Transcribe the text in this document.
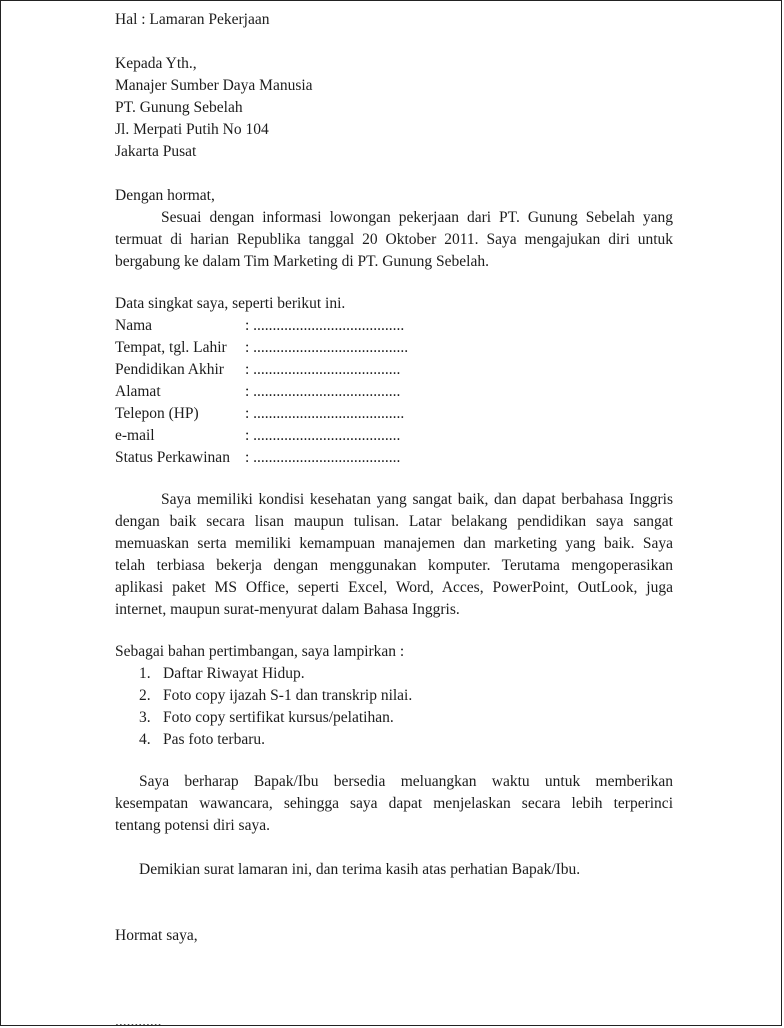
Hal : Lamaran Pekerjaan
Kepada Yth.,
Manajer Sumber Daya Manusia
PT. Gunung Sebelah
Jl. Merpati Putih No 104
Jakarta Pusat
Dengan hormat,
Sesuai dengan informasi lowongan pekerjaan dari PT. Gunung Sebelah yang
termuat di harian Republika tanggal 20 Oktober 2011. Saya mengajukan diri untuk
bergabung ke dalam Tim Marketing di PT. Gunung Sebelah.
Data singkat saya, seperti berikut ini.
Nama	: .......................................
Tempat, tgl. Lahir : ........................................
Pendidikan Akhir : ......................................
Alamat	: ......................................
Telepon (HP)	: .......................................
e-mail	: ......................................
Status Perkawinan : ......................................
Saya memiliki kondisi kesehatan yang sangat baik, dan dapat berbahasa Inggris
dengan baik secara lisan maupun tulisan. Latar belakang pendidikan saya sangat
memuaskan serta memiliki kemampuan manajemen dan marketing yang baik. Saya
telah terbiasa bekerja dengan menggunakan komputer. Terutama mengoperasikan
aplikasi paket MS Office, seperti Excel, Word, Acces, PowerPoint, OutLook, juga
internet, maupun surat-menyurat dalam Bahasa Inggris.
Sebagai bahan pertimbangan, saya lampirkan :
1. Daftar Riwayat Hidup.
2. Foto copy ijazah S-1 dan transkrip nilai.
3. Foto copy sertifikat kursus/pelatihan.
4. Pas foto terbaru.
Saya berharap Bapak/Ibu bersedia meluangkan waktu untuk memberikan
kesempatan wawancara, sehingga saya dapat menjelaskan secara lebih terperinci
tentang potensi diri saya.
Demikian surat lamaran ini, dan terima kasih atas perhatian Bapak/Ibu.
Hormat saya,
............
